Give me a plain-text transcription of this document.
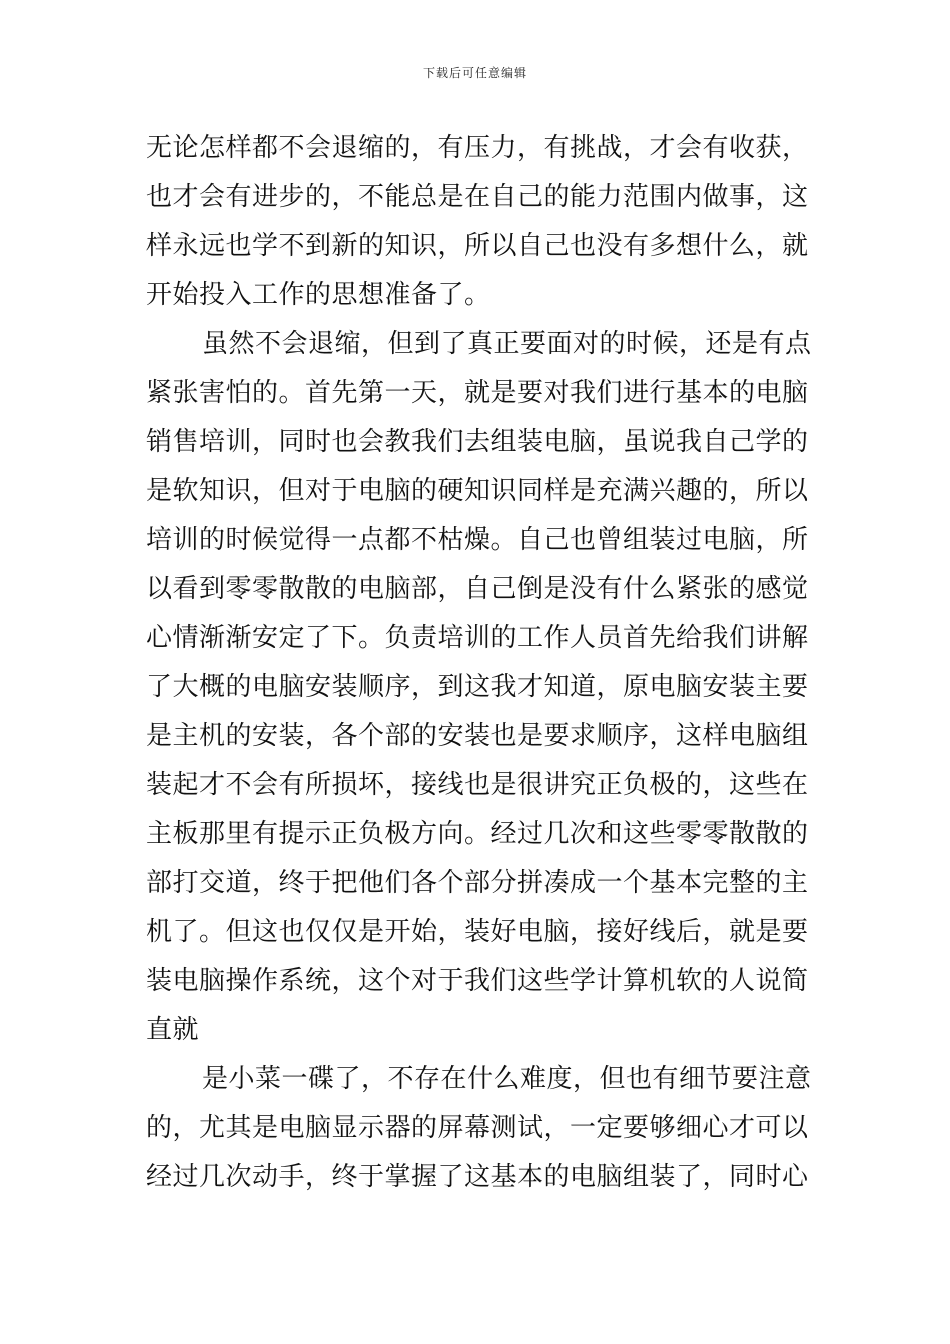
下载后可任意编辑
无论怎样都不会退缩的，有压力，有挑战，才会有收获，
也才会有进步的，不能总是在自己的能力范围内做事，这
样永远也学不到新的知识，所以自己也没有多想什么，就
开始投入工作的思想准备了。
虽然不会退缩，但到了真正要面对的时候，还是有点
紧张害怕的。首先第一天，就是要对我们进行基本的电脑
销售培训，同时也会教我们去组装电脑，虽说我自己学的
是软知识，但对于电脑的硬知识同样是充满兴趣的，所以
培训的时候觉得一点都不枯燥。自己也曾组装过电脑，所
以看到零零散散的电脑部，自己倒是没有什么紧张的感觉
心情渐渐安定了下。负责培训的工作人员首先给我们讲解
了大概的电脑安装顺序，到这我才知道，原电脑安装主要
是主机的安装，各个部的安装也是要求顺序，这样电脑组
装起才不会有所损坏，接线也是很讲究正负极的，这些在
主板那里有提示正负极方向。经过几次和这些零零散散的
部打交道，终于把他们各个部分拼凑成一个基本完整的主
机了。但这也仅仅是开始，装好电脑，接好线后，就是要
装电脑操作系统，这个对于我们这些学计算机软的人说简
直就
是小菜一碟了，不存在什么难度，但也有细节要注意
的，尤其是电脑显示器的屏幕测试，一定要够细心才可以
经过几次动手，终于掌握了这基本的电脑组装了，同时心
